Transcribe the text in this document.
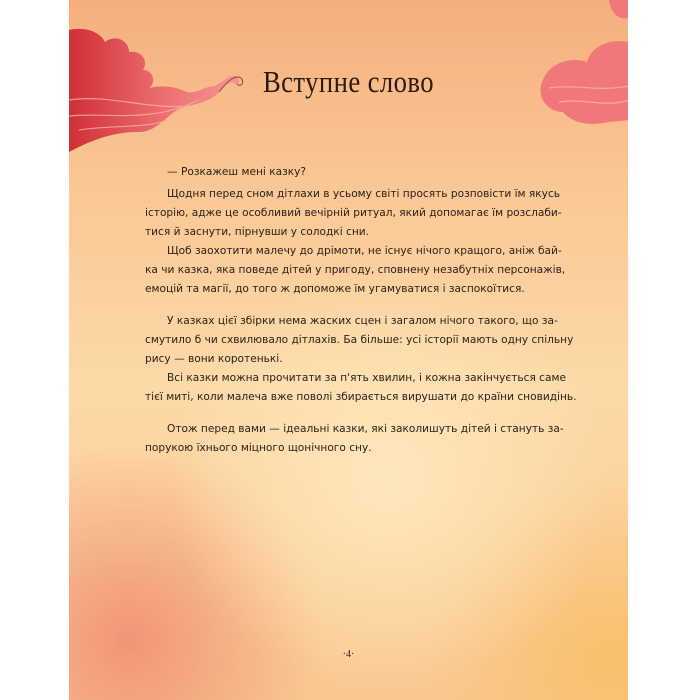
Вступне слово
— Розкажеш мені казку?
Щодня перед сном дітлахи в усьому світі просять розповісти їм якусь
історію, адже це особливий вечірній ритуал, який допомагає їм розслаби-
тися й заснути, пірнувши у солодкі сни.
Щоб заохотити малечу до дрімоти, не існує нічого кращого, аніж бай-
ка чи казка, яка поведе дітей у пригоду, сповнену незабутніх персонажів,
емоцій та магії, до того ж допоможе їм угамуватися і заспокоїтися.
У казках цієї збірки нема жаских сцен і загалом нічого такого, що за-
смутило б чи схвилювало дітлахів. Ба більше: усі історії мають одну спільну
рису — вони коротенькі.
Всі казки можна прочитати за п'ять хвилин, і кожна закінчується саме
тієї миті, коли малеча вже поволі збирається вирушати до країни сновидінь.
Отож перед вами — ідеальні казки, які заколишуть дітей і стануть за-
порукою їхнього міцного щонічного сну.
·4·
